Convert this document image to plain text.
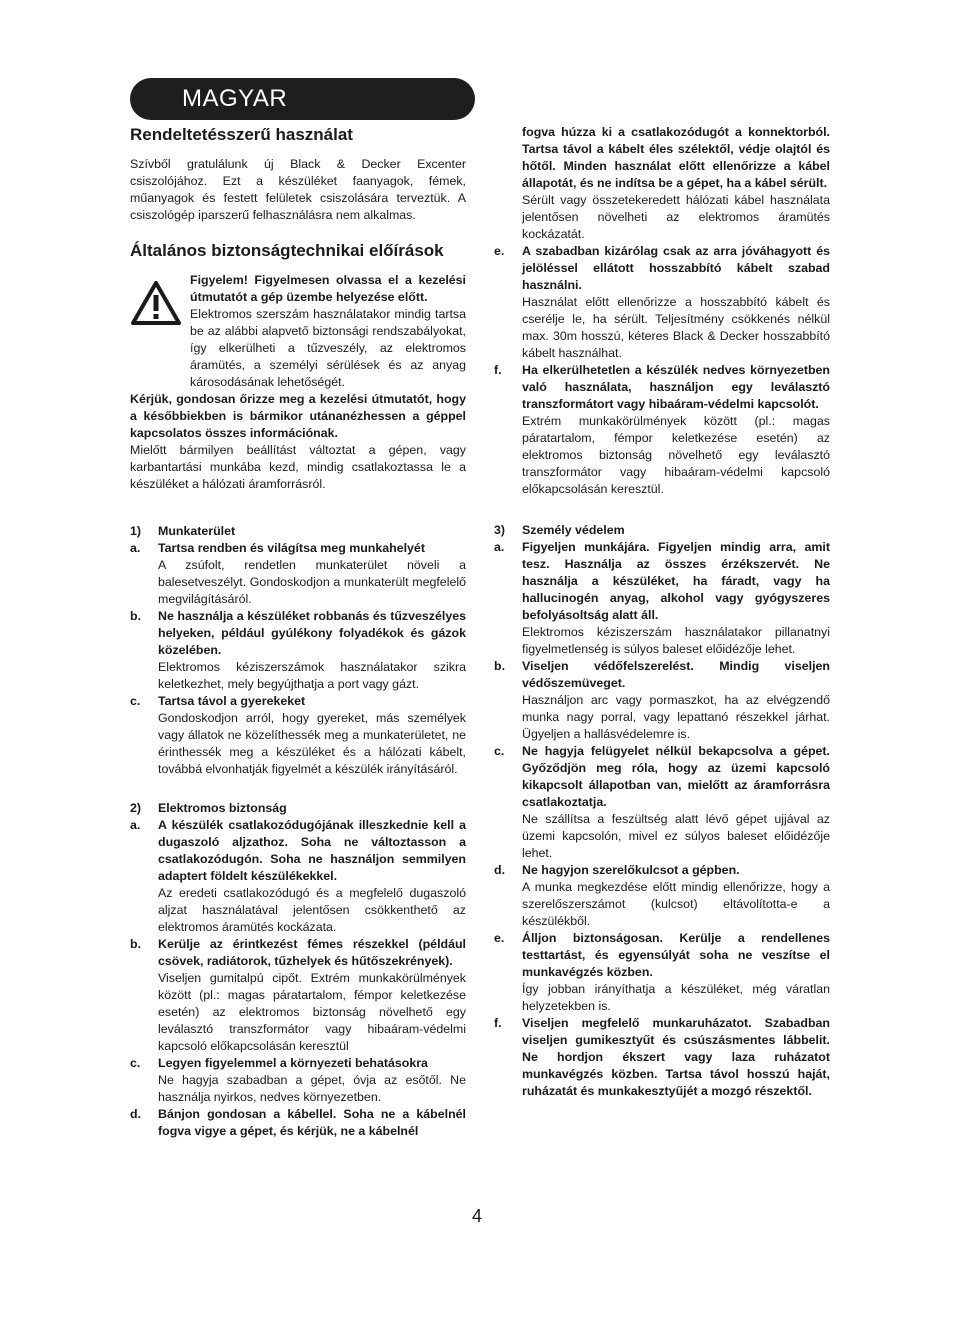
MAGYAR
Rendeltetésszerű használat

Szívből gratulálunk új Black & Decker Excenter csiszolójához. Ezt a készüléket faanyagok, fémek, műanyagok és festett felületek csiszolására terveztük. A csiszológép iparszerű felhasználásra nem alkalmas.

Általános biztonságtechnikai előírások

Figyelem! Figyelmesen olvassa el a kezelési útmutatót a gép üzembe helyezése előtt.

Elektromos szerszám használatakor mindig tartsa be az alábbi alapvető biztonsági rendszabályokat, így elkerülheti a tűzveszély, az elektromos áramütés, a személyi sérülések és az anyag károsodásának lehetőségét.

Kérjük, gondosan őrizze meg a kezelési útmutatót, hogy a későbbiekben is bármikor utánanézhessen a géppel kapcsolatos összes információnak.

Mielőtt bármilyen beállítást változtat a gépen, vagy karbantartási munkába kezd, mindig csatlakoztassa le a készüléket a hálózati áramforrásról.

1) Munkaterület
a.	Tartsa rendben és világítsa meg munkahelyét

A zsúfolt, rendetlen munkaterület növeli a balesetveszélyt. Gondoskodjon a munkaterült megfelelő megvilágításáról.

b.	Ne használja a készüléket robbanás és tűzveszélyes helyeken, például gyúlékony folyadékok és gázok közelében.

Elektromos kéziszerszámok használatakor szikra keletkezhet, mely begyújthatja a port vagy gázt.

c.	Tartsa távol a gyerekeket

Gondoskodjon arról, hogy gyereket, más személyek vagy állatok ne közelíthessék meg a munkaterületet, ne érinthessék meg a készüléket és a hálózati kábelt, továbbá elvonhatják figyelmét a készülék irányításáról.

2) Elektromos biztonság
a.	A készülék csatlakozódugójának illeszkednie kell a dugaszoló aljzathoz. Soha ne változtasson a csatlakozódugón. Soha ne használjon semmilyen adaptert földelt készülékekkel.

Az eredeti csatlakozódugó és a megfelelő dugaszoló aljzat használatával jelentősen csökkenthető az elektromos áramütés kockázata.

b.	Kerülje az érintkezést fémes részekkel (például csövek, radiátorok, tűzhelyek és hűtőszekrények).

Viseljen gumitalpú cipőt. Extrém munkakörülmények között (pl.: magas páratartalom, fémpor keletkezése esetén) az elektromos biztonság növelhető egy leválasztó transzformátor vagy hibaáram-védelmi kapcsoló előkapcsolásán keresztül

c.	Legyen figyelemmel a környezeti behatásokra

Ne hagyja szabadban a gépet, óvja az esőtől. Ne használja nyirkos, nedves környezetben.

d.	Bánjon gondosan a kábellel. Soha ne a kábelnél fogva vigye a gépet, és kérjük, ne a kábelnél

fogva húzza ki a csatlakozódugót a konnektorból. Tartsa távol a kábelt éles szélektől, védje olajtól és hőtől. Minden használat előtt ellenőrizze a kábel állapotát, és ne indítsa be a gépet, ha a kábel sérült.

Sérült vagy összetekeredett hálózati kábel használata jelentősen növelheti az elektromos áramütés kockázatát.

e.	A szabadban kizárólag csak az arra jóváhagyott és jelöléssel ellátott hosszabbító kábelt szabad használni.

Használat előtt ellenőrizze a hosszabbító kábelt és cserélje le, ha sérült. Teljesítmény csökkenés nélkül max. 30m hosszú, kéteres Black & Decker hosszabbító kábelt használhat.

f.	Ha elkerülhetetlen a készülék nedves környezetben való használata, használjon egy leválasztó transzformátort vagy hibaáram-védelmi kapcsolót.

Extrém munkakörülmények között (pl.: magas páratartalom, fémpor keletkezése esetén) az elektromos biztonság növelhető egy leválasztó transzformátor vagy hibaáram-védelmi kapcsoló előkapcsolásán keresztül.

3) Személy védelem
a.	Figyeljen munkájára. Figyeljen mindig arra, amit tesz. Használja az összes érzékszervét. Ne használja a készüléket, ha fáradt, vagy ha hallucinogén anyag, alkohol vagy gyógyszeres befolyásoltság alatt áll.

Elektromos kéziszerszám használatakor pillanatnyi figyelmetlenség is súlyos baleset előidézője lehet.

b.	Viseljen védőfelszerelést. Mindig viseljen védőszemüveget.

Használjon arc vagy pormaszkot, ha az elvégzendő munka nagy porral, vagy lepattanó részekkel járhat. Ügyeljen a hallásvédelemre is.

c.	Ne hagyja felügyelet nélkül bekapcsolva a gépet. Győződjön meg róla, hogy az üzemi kapcsoló kikapcsolt állapotban van, mielőtt az áramforrásra csatlakoztatja.

Ne szállítsa a feszültség alatt lévő gépet ujjával az üzemi kapcsolón, mivel ez súlyos baleset előidézője lehet.

d.	Ne hagyjon szerelőkulcsot a gépben.

A munka megkezdése előtt mindig ellenőrizze, hogy a szerelőszerszámot (kulcsot) eltávolította-e a készülékből.

e.	Álljon biztonságosan. Kerülje a rendellenes testtartást, és egyensúlyát soha ne veszítse el munkavégzés közben.

Így jobban irányíthatja a készüléket, még váratlan helyzetekben is.

f.	Viseljen megfelelő munkaruházatot. Szabadban viseljen gumikesztyűt és csúszásmentes lábbelit. Ne hordjon ékszert vagy laza ruházatot munkavégzés közben. Tartsa távol hosszú haját, ruházatát és munkakesztyűjét a mozgó részektől.

4
